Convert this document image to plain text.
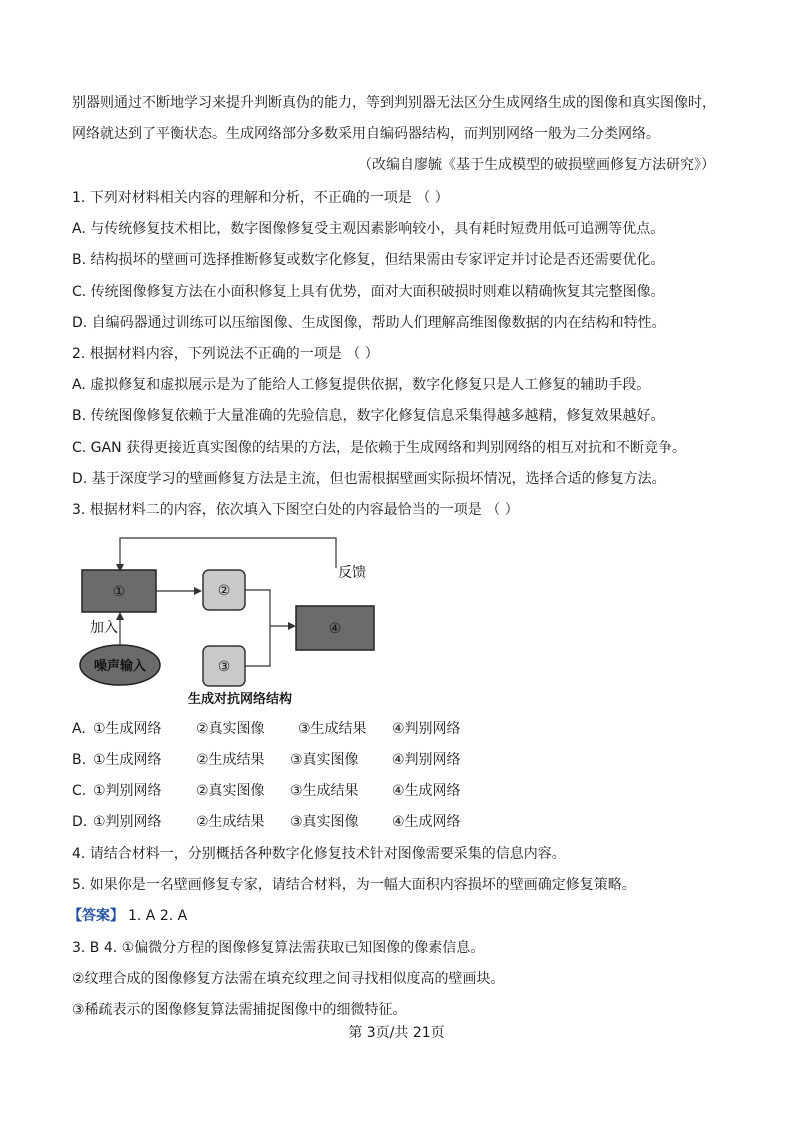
别器则通过不断地学习来提升判断真伪的能力，等到判别器无法区分生成网络生成的图像和真实图像时，
网络就达到了平衡状态。生成网络部分多数采用自编码器结构，而判别网络一般为二分类网络。
（改编自廖毓《基于生成模型的破损壁画修复方法研究》）
1. 下列对材料相关内容的理解和分析，不正确的一项是 （ ）
A. 与传统修复技术相比，数字图像修复受主观因素影响较小，具有耗时短费用低可追溯等优点。
B. 结构损坏的壁画可选择推断修复或数字化修复，但结果需由专家评定并讨论是否还需要优化。
C. 传统图像修复方法在小面积修复上具有优势，面对大面积破损时则难以精确恢复其完整图像。
D. 自编码器通过训练可以压缩图像、生成图像，帮助人们理解高维图像数据的内在结构和特性。
2. 根据材料内容，下列说法不正确的一项是 （ ）
A. 虚拟修复和虚拟展示是为了能给人工修复提供依据，数字化修复只是人工修复的辅助手段。
B. 传统图像修复依赖于大量准确的先验信息，数字化修复信息采集得越多越精，修复效果越好。
C. GAN 获得更接近真实图像的结果的方法，是依赖于生成网络和判别网络的相互对抗和不断竞争。
D. 基于深度学习的壁画修复方法是主流，但也需根据壁画实际损坏情况，选择合适的修复方法。
3. 根据材料二的内容，依次填入下图空白处的内容最恰当的一项是 （ ）
①	②
③
④
反馈
加入
噪声输入
生成对抗网络结构
A. ①生成网络 ②真实图像 ③生成结果 ④判别网络
B. ①生成网络 ②生成结果 ③真实图像 ④判别网络
C. ①判别网络 ②真实图像 ③生成结果 ④生成网络
D. ①判别网络 ②生成结果 ③真实图像 ④生成网络
4. 请结合材料一，分别概括各种数字化修复技术针对图像需要采集的信息内容。
5. 如果你是一名壁画修复专家，请结合材料，为一幅大面积内容损坏的壁画确定修复策略。
【答案】 1. A 2. A
3. B 4. ①偏微分方程的图像修复算法需获取已知图像的像素信息。
②纹理合成的图像修复方法需在填充纹理之间寻找相似度高的壁画块。
③稀疏表示的图像修复算法需捕捉图像中的细微特征。
第 3页/共 21页
